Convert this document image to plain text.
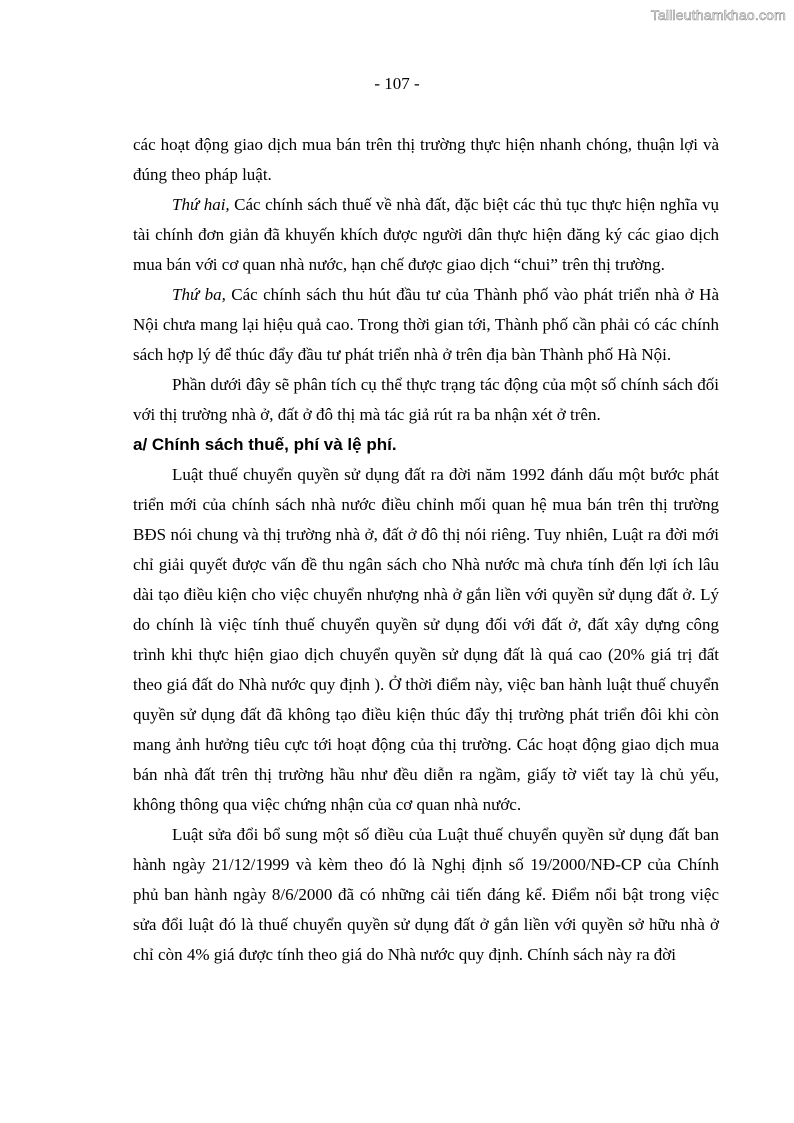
Tailieuthamkhao.com
- 107 -

các hoạt động giao dịch mua bán trên thị trường thực hiện nhanh chóng, thuận lợi và đúng theo pháp luật.

Thứ hai, Các chính sách thuế về nhà đất, đặc biệt các thủ tục thực hiện nghĩa vụ tài chính đơn giản đã khuyến khích được người dân thực hiện đăng ký các giao dịch mua bán với cơ quan nhà nước, hạn chế được giao dịch “chui” trên thị trường.

Thứ ba, Các chính sách thu hút đầu tư của Thành phố vào phát triển nhà ở Hà Nội chưa mang lại hiệu quả cao. Trong thời gian tới, Thành phố cần phải có các chính sách hợp lý để thúc đẩy đầu tư phát triển nhà ở trên địa bàn Thành phố Hà Nội.

Phần dưới đây sẽ phân tích cụ thể thực trạng tác động của một số chính sách đối với thị trường nhà ở, đất ở đô thị mà tác giả rút ra ba nhận xét ở trên.

a/ Chính sách thuế, phí và lệ phí.

Luật thuế chuyển quyền sử dụng đất ra đời năm 1992 đánh dấu một bước phát triển mới của chính sách nhà nước điều chỉnh mối quan hệ mua bán trên thị trường BĐS nói chung và thị trường nhà ở, đất ở đô thị nói riêng. Tuy nhiên, Luật ra đời mới chỉ giải quyết được vấn đề thu ngân sách cho Nhà nước mà chưa tính đến lợi ích lâu dài tạo điều kiện cho việc chuyển nhượng nhà ở gắn liền với quyền sử dụng đất ở. Lý do chính là việc tính thuế chuyển quyền sử dụng đối với đất ở, đất xây dựng công trình khi thực hiện giao dịch chuyển quyền sử dụng đất là quá cao (20% giá trị đất theo giá đất do Nhà nước quy định ). Ở thời điểm này, việc ban hành luật thuế chuyển quyền sử dụng đất đã không tạo điều kiện thúc đẩy thị trường phát triển đôi khi còn mang ảnh hưởng tiêu cực tới hoạt động của thị trường. Các hoạt động giao dịch mua bán nhà đất trên thị trường hầu như đều diễn ra ngầm, giấy tờ viết tay là chủ yếu, không thông qua việc chứng nhận của cơ quan nhà nước.

Luật sửa đổi bổ sung một số điều của Luật thuế chuyển quyền sử dụng đất ban hành ngày 21/12/1999 và kèm theo đó là Nghị định số 19/2000/NĐ-CP của Chính phủ ban hành ngày 8/6/2000 đã có những cải tiến đáng kể. Điểm nổi bật trong việc sửa đổi luật đó là thuế chuyển quyền sử dụng đất ở gắn liền với quyền sở hữu nhà ở chỉ còn 4% giá được tính theo giá do Nhà nước quy định. Chính sách này ra đời
